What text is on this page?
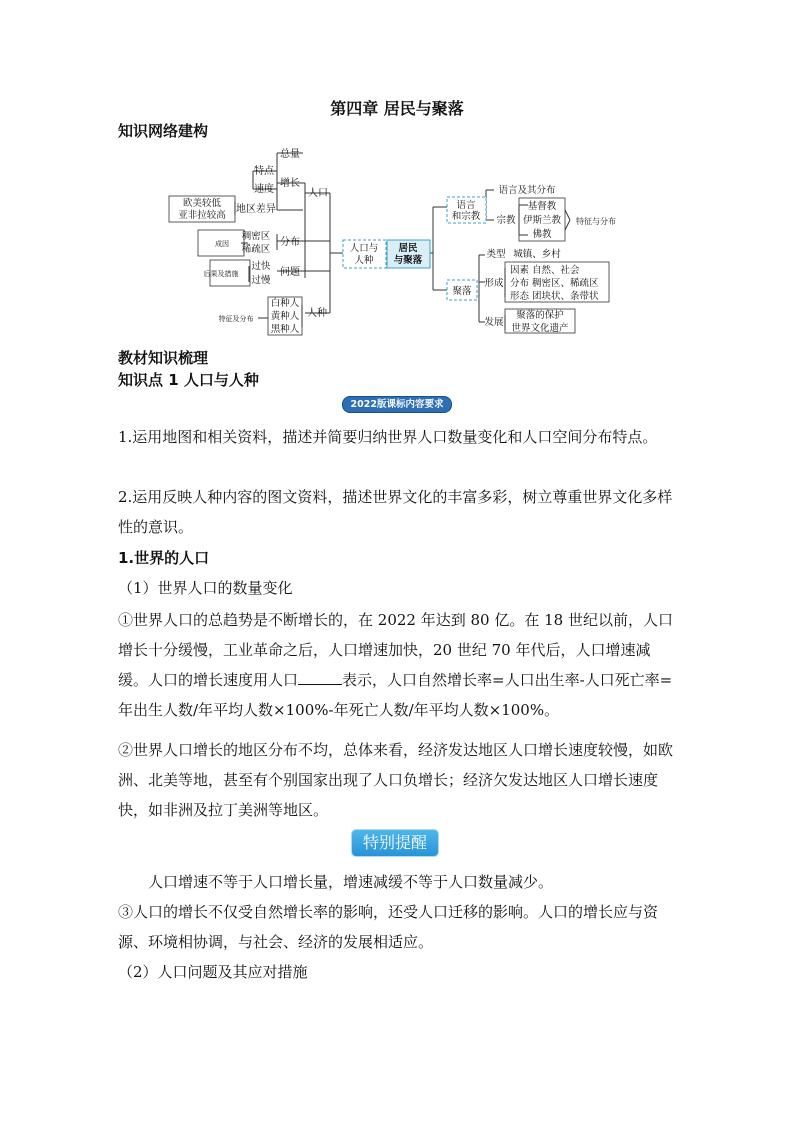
第四章 居民与聚落
知识网络建构
总量
特点
速度
增长
人口
地区差异
欧美较低
亚非拉较高
成因
稠密区
稀疏区
分布
后果及措施
过快
过慢
问题
特征及分布
白种人
黄种人
黑种人
人种
人口与
人种
居民
与聚落
语言
和宗教
语言及其分布
宗教
基督教
伊斯兰教
佛教
特征与分布
聚落
类型 城镇、乡村
形成
因素 自然、社会
分布 稠密区、稀疏区
形态 团块状、条带状
发展
聚落的保护
世界文化遗产
教材知识梳理
知识点 1 人口与人种
2022版课标内容要求
1.运用地图和相关资料，描述并简要归纳世界人口数量变化和人口空间分布特点。
2.运用反映人种内容的图文资料，描述世界文化的丰富多彩，树立尊重世界文化多样性的意识。
1.世界的人口
（1）世界人口的数量变化
①世界人口的总趋势是不断增长的，在 2022 年达到 80 亿。在 18 世纪以前，人口增长十分缓慢，工业革命之后，人口增速加快，20 世纪 70 年代后，人口增速减缓。人口的增长速度用人口	表示，人口自然增长率=人口出生率-人口死亡率=年出生人数/年平均人数×100%-年死亡人数/年平均人数×100%。
②世界人口增长的地区分布不均，总体来看，经济发达地区人口增长速度较慢，如欧洲、北美等地，甚至有个别国家出现了人口负增长；经济欠发达地区人口增长速度快，如非洲及拉丁美洲等地区。
特别提醒
人口增速不等于人口增长量，增速减缓不等于人口数量减少。
③人口的增长不仅受自然增长率的影响，还受人口迁移的影响。人口的增长应与资源、环境相协调，与社会、经济的发展相适应。
（2）人口问题及其应对措施
